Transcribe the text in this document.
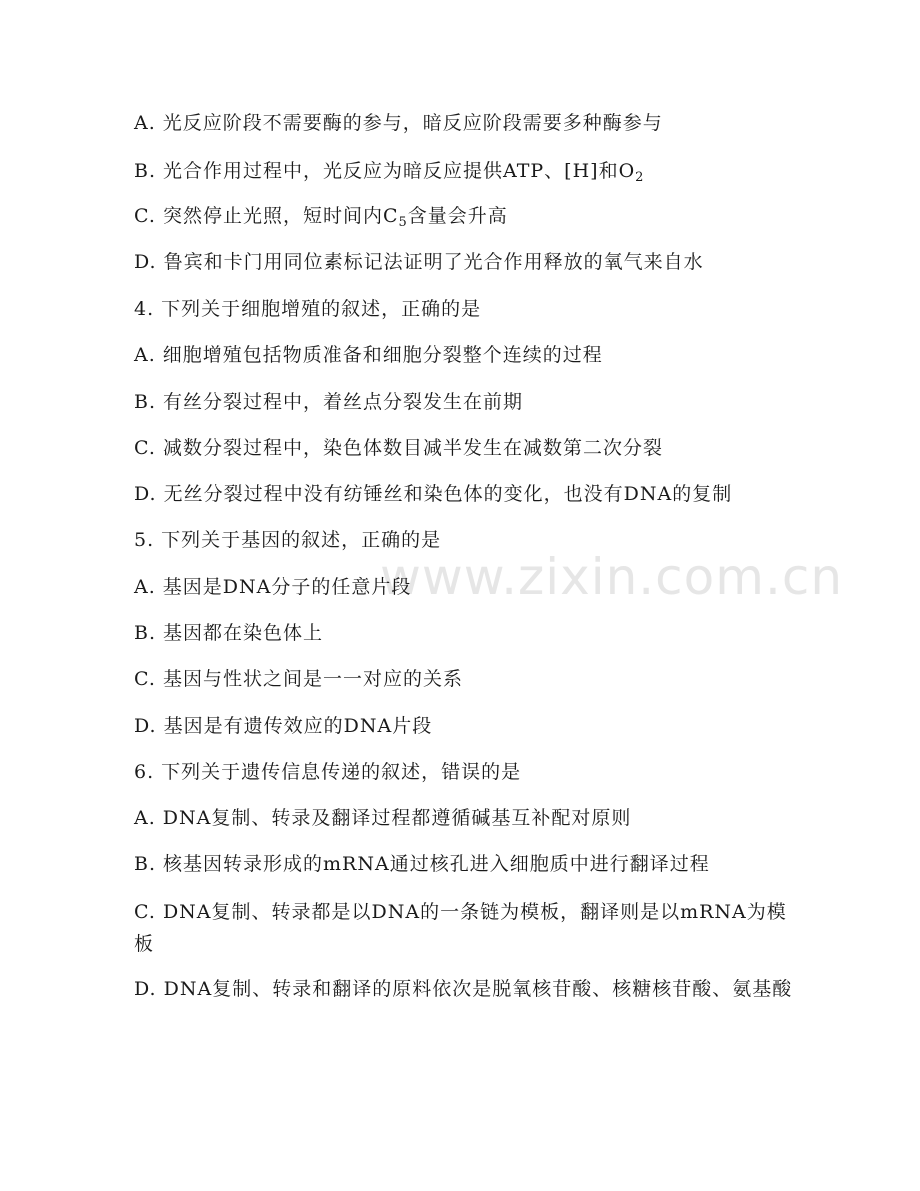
www.zixin.com.cn
A. 光反应阶段不需要酶的参与，暗反应阶段需要多种酶参与
B. 光合作用过程中，光反应为暗反应提供ATP、[H]和$O_2$
C. 突然停止光照，短时间内$C_5$含量会升高
D. 鲁宾和卡门用同位素标记法证明了光合作用释放的氧气来自水
4. 下列关于细胞增殖的叙述，正确的是
A. 细胞增殖包括物质准备和细胞分裂整个连续的过程
B. 有丝分裂过程中，着丝点分裂发生在前期
C. 减数分裂过程中，染色体数目减半发生在减数第二次分裂
D. 无丝分裂过程中没有纺锤丝和染色体的变化，也没有DNA的复制
5. 下列关于基因的叙述，正确的是
A. 基因是DNA分子的任意片段
B. 基因都在染色体上
C. 基因与性状之间是一一对应的关系
D. 基因是有遗传效应的DNA片段
6. 下列关于遗传信息传递的叙述，错误的是
A. DNA复制、转录及翻译过程都遵循碱基互补配对原则
B. 核基因转录形成的mRNA通过核孔进入细胞质中进行翻译过程
C. DNA复制、转录都是以DNA的一条链为模板，翻译则是以mRNA为模板
D. DNA复制、转录和翻译的原料依次是脱氧核苷酸、核糖核苷酸、氨基酸
